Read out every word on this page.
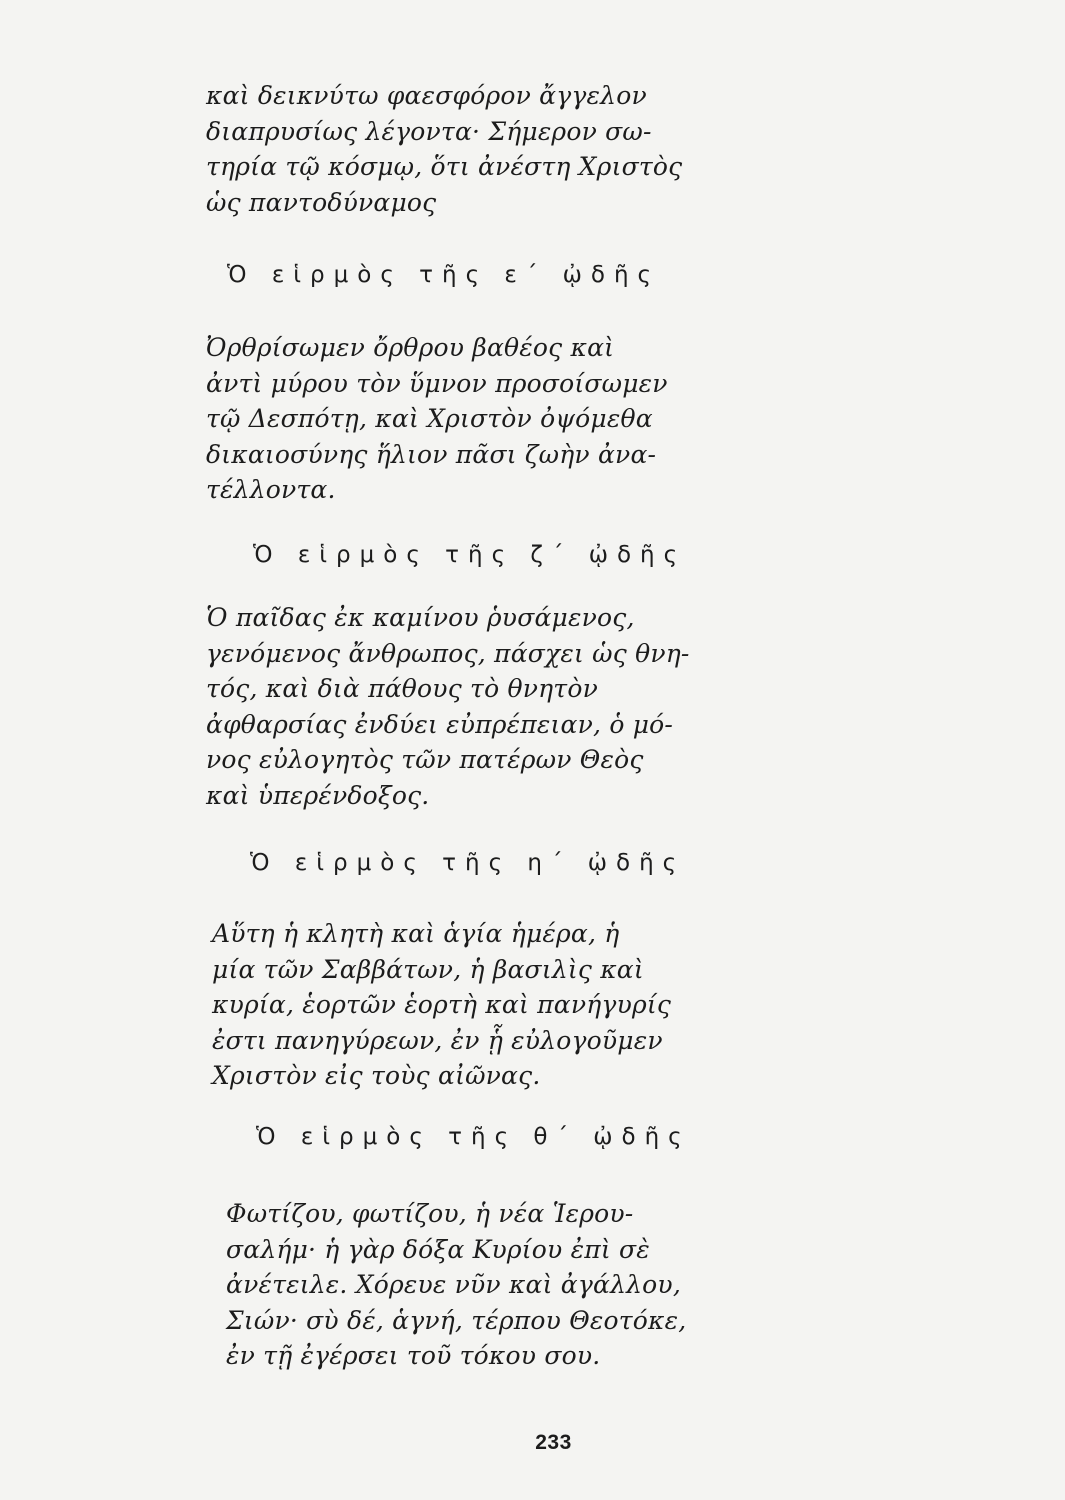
καὶ δεικνύτω φαεσφόρον ἄγγελον
διαπρυσίως λέγοντα· Σήμερον σω-
τηρία τῷ κόσμῳ, ὅτι ἀνέστη Χριστὸς
ὡς παντοδύναμος
Ὁ εἱρμὸς τῆς ε΄ ᾠδῆς
Ὀρθρίσωμεν ὄρθρου βαθέος καὶ
ἀντὶ μύρου τὸν ὕμνον προσοίσωμεν
τῷ Δεσπότῃ, καὶ Χριστὸν ὀψόμεθα
δικαιοσύνης ἥλιον πᾶσι ζωὴν ἀνα-
τέλλοντα.
Ὁ εἱρμὸς τῆς ζ΄ ᾠδῆς
Ὁ παῖδας ἐκ καμίνου ῥυσάμενος,
γενόμενος ἄνθρωπος, πάσχει ὡς θνη-
τός, καὶ διὰ πάθους τὸ θνητὸν
ἀφθαρσίας ἐνδύει εὐπρέπειαν, ὁ μό-
νος εὐλογητὸς τῶν πατέρων Θεὸς
καὶ ὑπερένδοξος.
Ὁ εἱρμὸς τῆς η΄ ᾠδῆς
Αὕτη ἡ κλητὴ καὶ ἁγία ἡμέρα, ἡ
μία τῶν Σαββάτων, ἡ βασιλὶς καὶ
κυρία, ἑορτῶν ἑορτὴ καὶ πανήγυρίς
ἐστι πανηγύρεων, ἐν ᾗ εὐλογοῦμεν
Χριστὸν εἰς τοὺς αἰῶνας.
Ὁ εἱρμὸς τῆς θ΄ ᾠδῆς
Φωτίζου, φωτίζου, ἡ νέα Ἱερου-
σαλήμ· ἡ γὰρ δόξα Κυρίου ἐπὶ σὲ
ἀνέτειλε. Χόρευε νῦν καὶ ἀγάλλου,
Σιών· σὺ δέ, ἁγνή, τέρπου Θεοτόκε,
ἐν τῇ ἐγέρσει τοῦ τόκου σου.
233
